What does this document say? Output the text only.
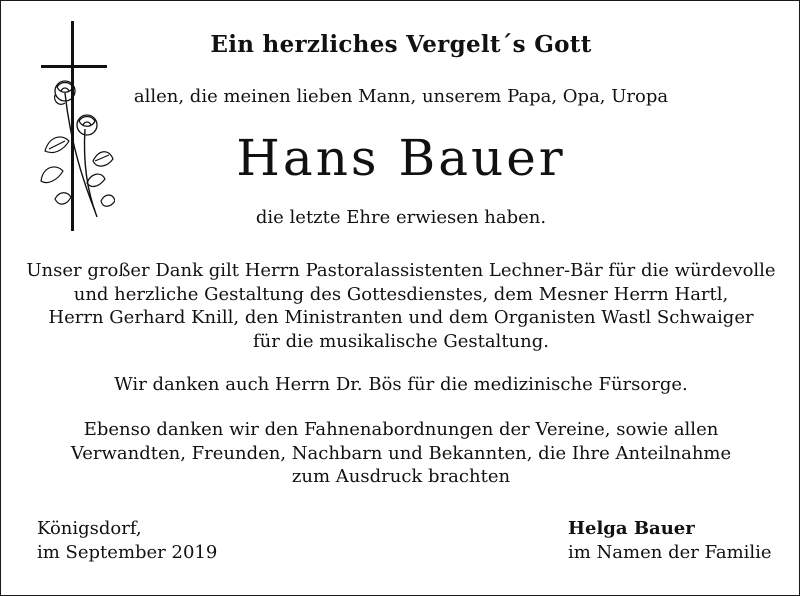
Ein herzliches Vergelt´s Gott
allen, die meinen lieben Mann, unserem Papa, Opa, Uropa
Hans Bauer
die letzte Ehre erwiesen haben.
Unser großer Dank gilt Herrn Pastoralassistenten Lechner-Bär für die würdevolle
und herzliche Gestaltung des Gottesdienstes, dem Mesner Herrn Hartl,
Herrn Gerhard Knill, den Ministranten und dem Organisten Wastl Schwaiger
für die musikalische Gestaltung.
Wir danken auch Herrn Dr. Bös für die medizinische Fürsorge.
Ebenso danken wir den Fahnenabordnungen der Vereine, sowie allen
Verwandten, Freunden, Nachbarn und Bekannten, die Ihre Anteilnahme
zum Ausdruck brachten
Königsdorf,
im September 2019
Helga Bauer
im Namen der Familie
